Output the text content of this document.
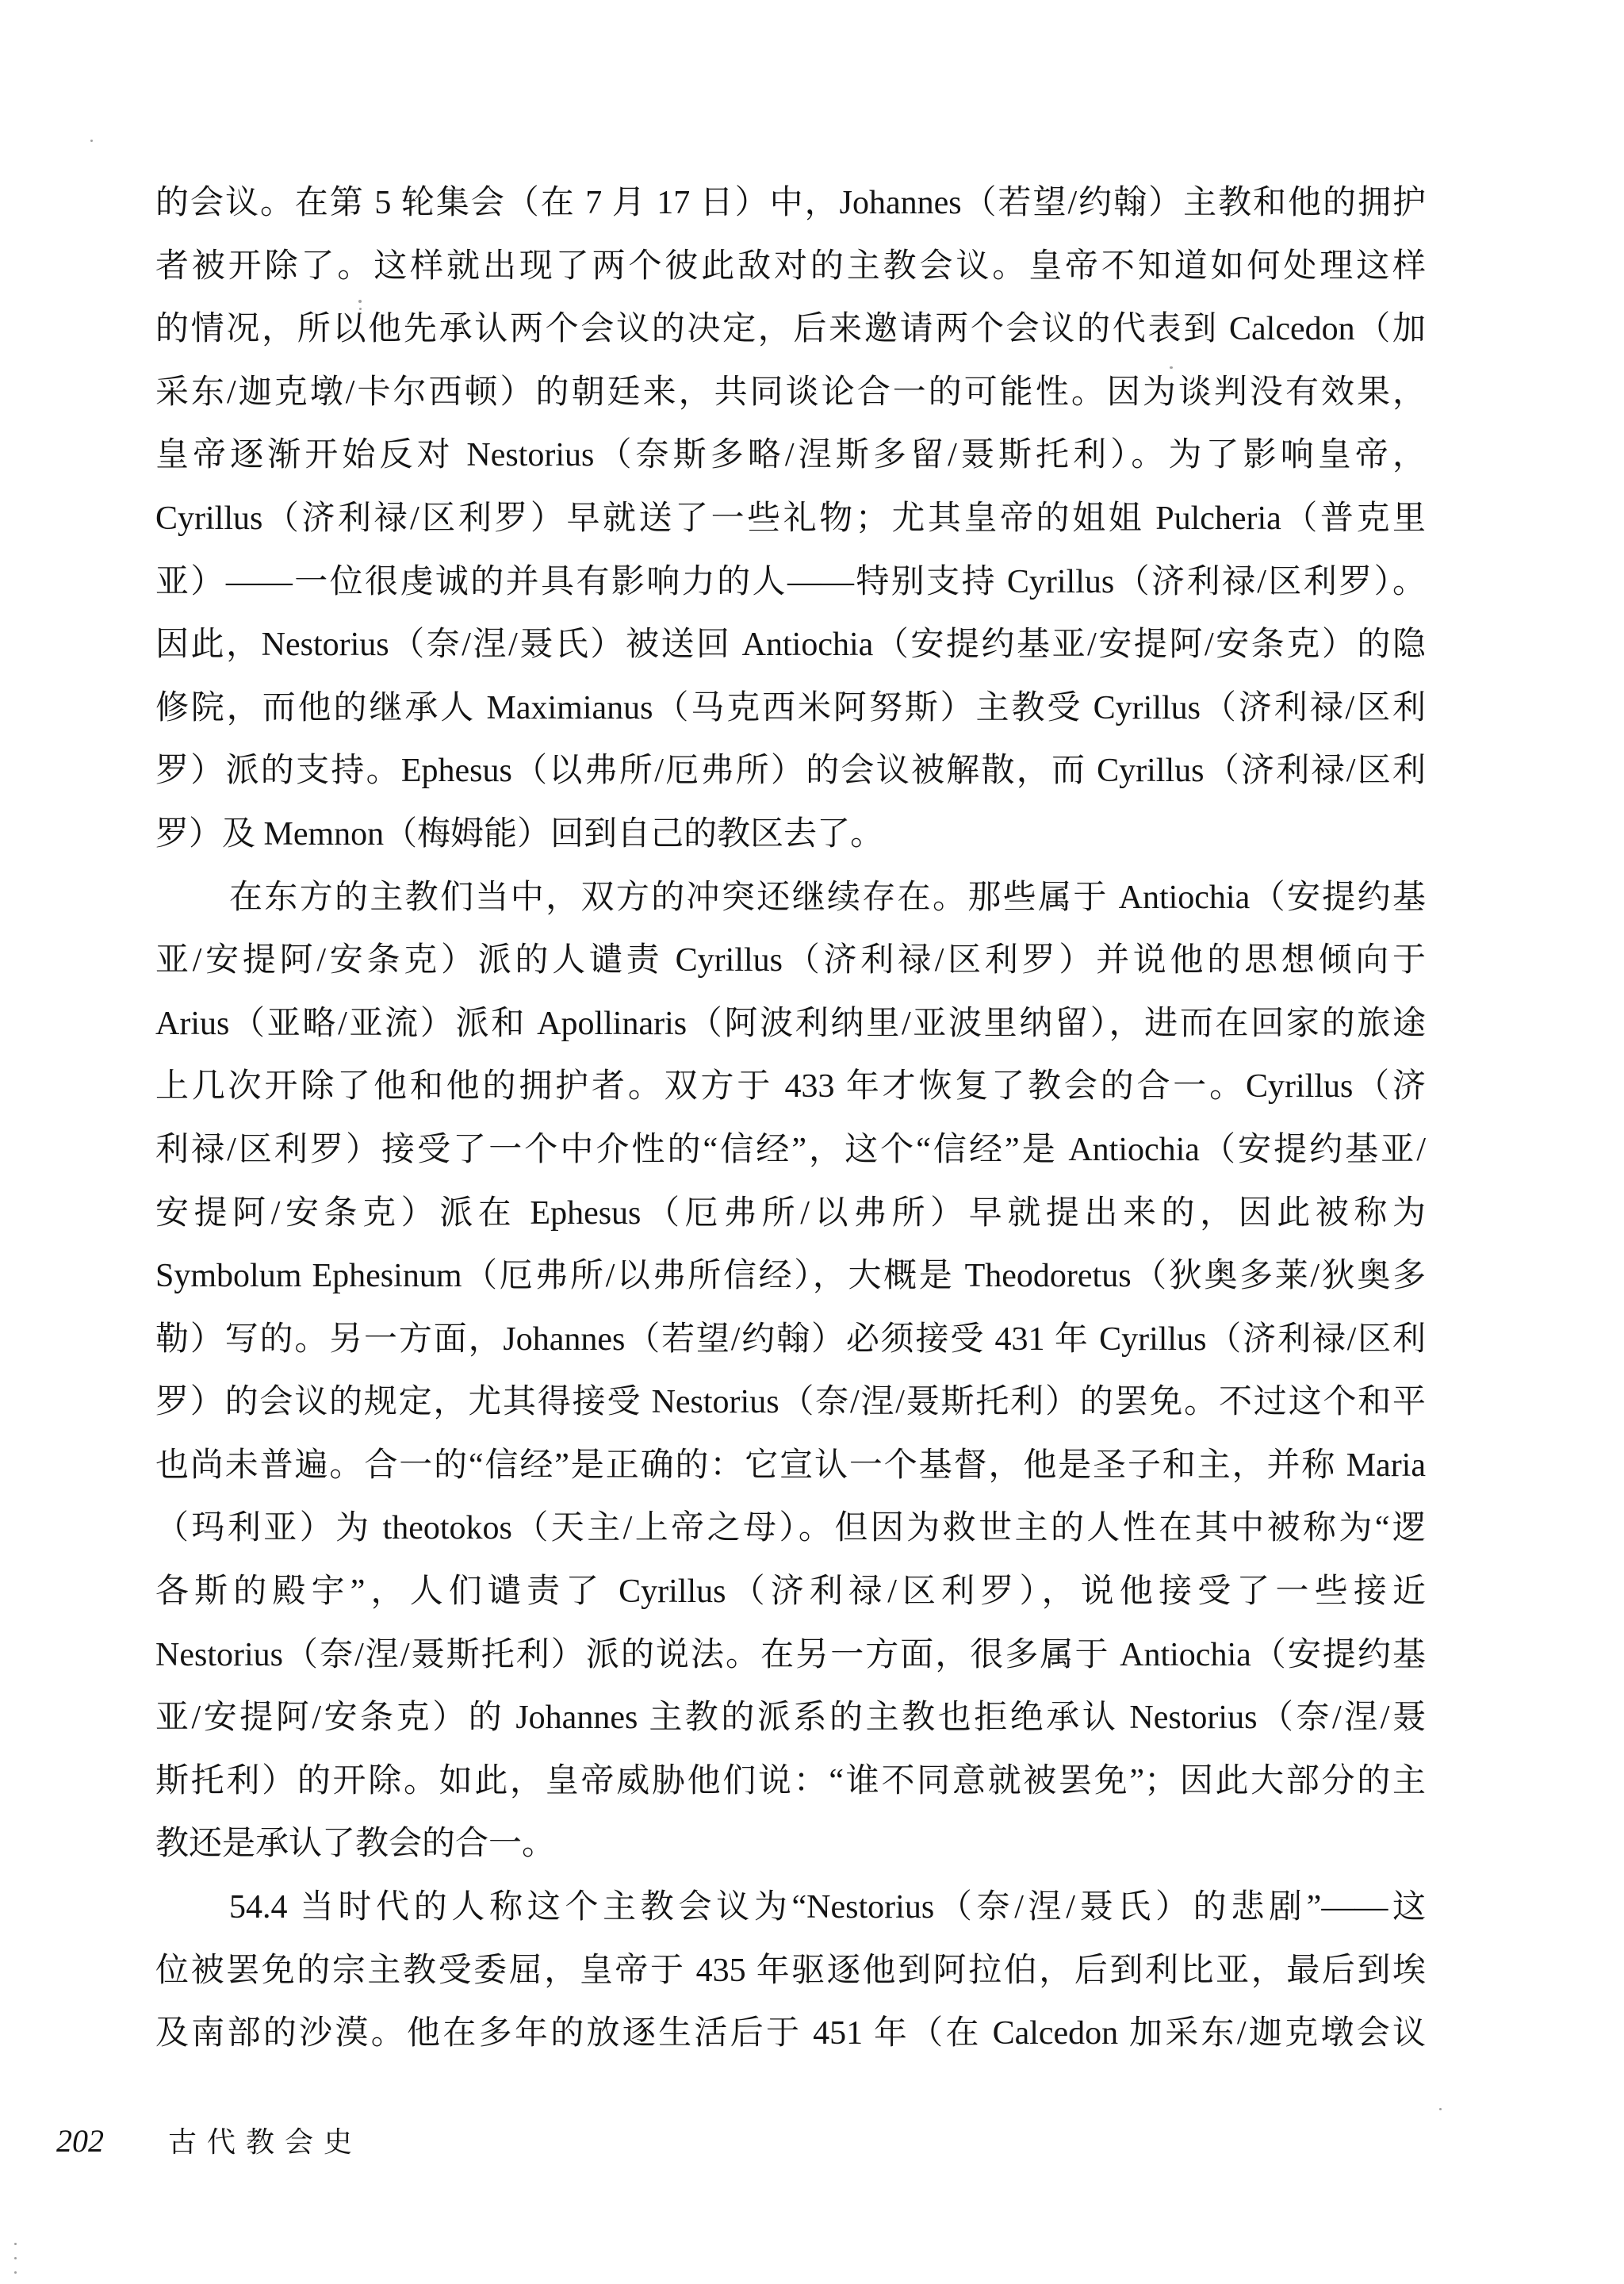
的会议。在第 5 轮集会（在 7 月 17 日）中，Johannes（若望/约翰）主教和他的拥护
者被开除了。这样就出现了两个彼此敌对的主教会议。皇帝不知道如何处理这样
的情况，所以他先承认两个会议的决定，后来邀请两个会议的代表到 Calcedon（加
采东/迦克墩/卡尔西顿）的朝廷来，共同谈论合一的可能性。因为谈判没有效果，
皇帝逐渐开始反对 Nestorius（奈斯多略/涅斯多留/聂斯托利）。为了影响皇帝，
Cyrillus（济利禄/区利罗）早就送了一些礼物；尤其皇帝的姐姐 Pulcheria（普克里
亚）——一位很虔诚的并具有影响力的人——特别支持 Cyrillus（济利禄/区利罗）。
因此，Nestorius（奈/涅/聂氏）被送回 Antiochia（安提约基亚/安提阿/安条克）的隐
修院，而他的继承人 Maximianus（马克西米阿努斯）主教受 Cyrillus（济利禄/区利
罗）派的支持。Ephesus（以弗所/厄弗所）的会议被解散，而 Cyrillus（济利禄/区利
罗）及 Memnon（梅姆能）回到自己的教区去了。
在东方的主教们当中，双方的冲突还继续存在。那些属于 Antiochia（安提约基
亚/安提阿/安条克）派的人谴责 Cyrillus（济利禄/区利罗）并说他的思想倾向于
Arius（亚略/亚流）派和 Apollinaris（阿波利纳里/亚波里纳留），进而在回家的旅途
上几次开除了他和他的拥护者。双方于 433 年才恢复了教会的合一。Cyrillus（济
利禄/区利罗）接受了一个中介性的“信经”，这个“信经”是 Antiochia（安提约基亚/
安提阿/安条克）派在 Ephesus（厄弗所/以弗所）早就提出来的，因此被称为
Symbolum Ephesinum（厄弗所/以弗所信经），大概是 Theodoretus（狄奥多莱/狄奥多
勒）写的。另一方面，Johannes（若望/约翰）必须接受 431 年 Cyrillus（济利禄/区利
罗）的会议的规定，尤其得接受 Nestorius（奈/涅/聂斯托利）的罢免。不过这个和平
也尚未普遍。合一的“信经”是正确的：它宣认一个基督，他是圣子和主，并称 Maria
（玛利亚）为 theotokos（天主/上帝之母）。但因为救世主的人性在其中被称为“逻
各斯的殿宇”，人们谴责了 Cyrillus（济利禄/区利罗），说他接受了一些接近
Nestorius（奈/涅/聂斯托利）派的说法。在另一方面，很多属于 Antiochia（安提约基
亚/安提阿/安条克）的 Johannes 主教的派系的主教也拒绝承认 Nestorius（奈/涅/聂
斯托利）的开除。如此，皇帝威胁他们说：“谁不同意就被罢免”；因此大部分的主
教还是承认了教会的合一。
54.4 当时代的人称这个主教会议为“Nestorius（奈/涅/聂氏）的悲剧”——这
位被罢免的宗主教受委屈，皇帝于 435 年驱逐他到阿拉伯，后到利比亚，最后到埃
及南部的沙漠。他在多年的放逐生活后于 451 年（在 Calcedon 加采东/迦克墩会议
202 古代教会史
